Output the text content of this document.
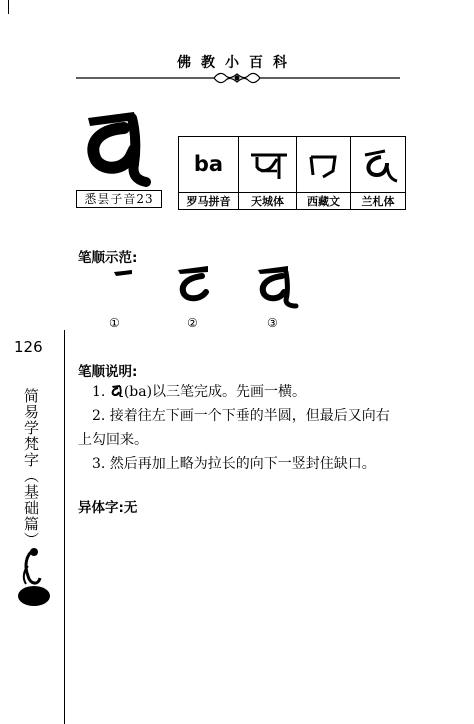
佛教小百科
悉昙子音23
ba
罗马拼音	天城体	西藏文	兰札体
笔顺示范:
①	②	③
126
简易学梵字（基础篇）
笔顺说明:
1. (ba)以三笔完成。先画一横。
2. 接着往左下画一个下垂的半圆，但最后又向右
上勾回来。
3. 然后再加上略为拉长的向下一竖封住缺口。
异体字:无
